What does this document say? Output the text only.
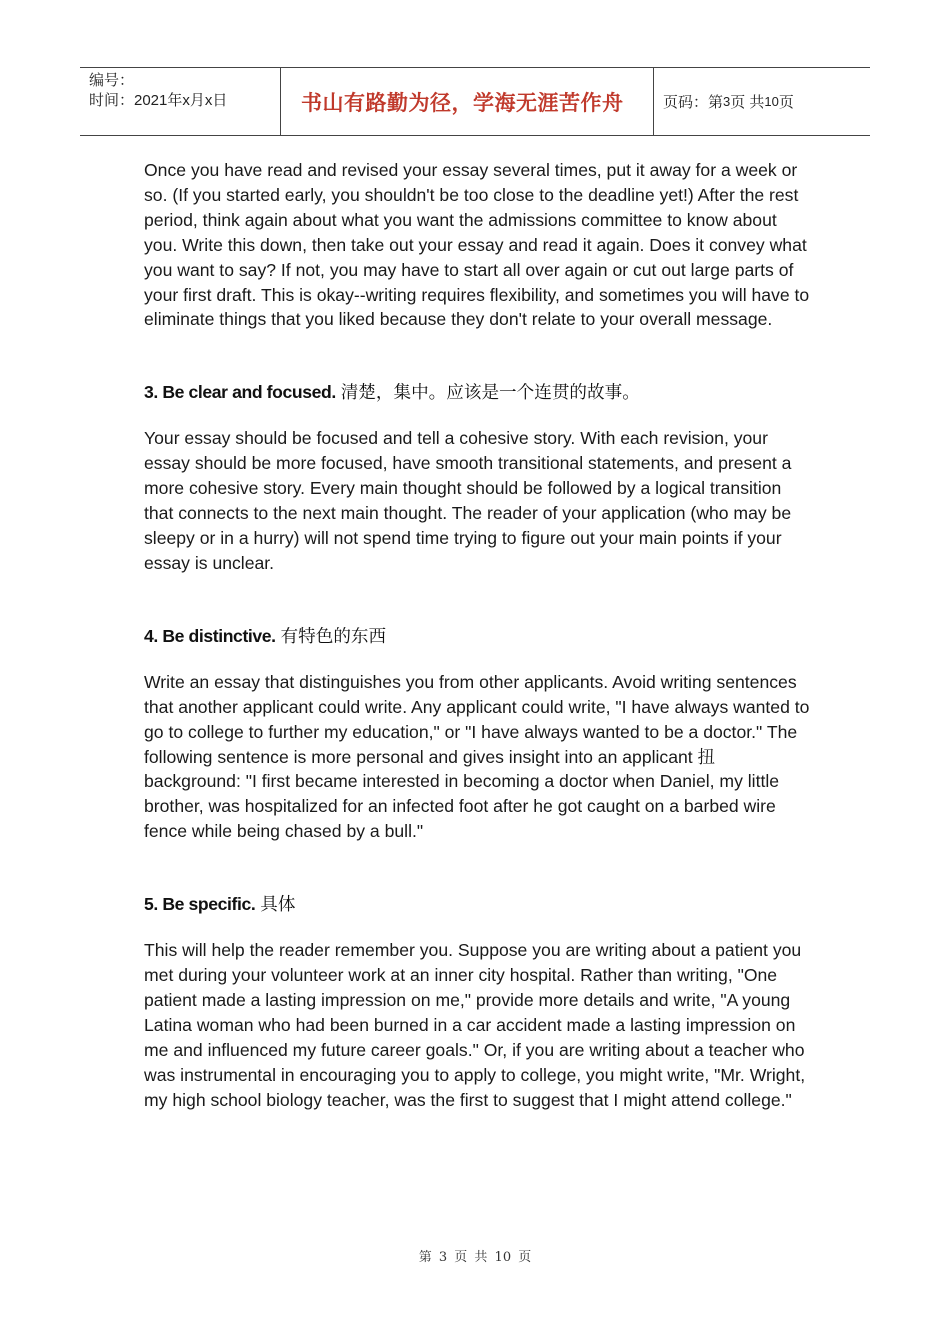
编号：
时间：2021年x月x日	书山有路勤为径，学海无涯苦作舟	页码：第 3 页 共 10 页

Once you have read and revised your essay several times, put it away for a week or so. (If you started early, you shouldn't be too close to the deadline yet!) After the rest period, think again about what you want the admissions committee to know about you. Write this down, then take out your essay and read it again. Does it convey what you want to say? If not, you may have to start all over again or cut out large parts of your first draft. This is okay--writing requires flexibility, and sometimes you will have to eliminate things that you liked because they don't relate to your overall message.

3. Be clear and focused. 清楚，集中。应该是一个连贯的故事。

Your essay should be focused and tell a cohesive story. With each revision, your essay should be more focused, have smooth transitional statements, and present a more cohesive story. Every main thought should be followed by a logical transition that connects to the next main thought. The reader of your application (who may be sleepy or in a hurry) will not spend time trying to figure out your main points if your essay is unclear.

4. Be distinctive. 有特色的东西

Write an essay that distinguishes you from other applicants. Avoid writing sentences that another applicant could write. Any applicant could write, "I have always wanted to go to college to further my education," or "I have always wanted to be a doctor." The following sentence is more personal and gives insight into an applicant 扭 background: "I first became interested in becoming a doctor when Daniel, my little brother, was hospitalized for an infected foot after he got caught on a barbed wire fence while being chased by a bull."

5. Be specific. 具体

This will help the reader remember you. Suppose you are writing about a patient you met during your volunteer work at an inner city hospital. Rather than writing, "One patient made a lasting impression on me," provide more details and write, "A young Latina woman who had been burned in a car accident made a lasting impression on me and influenced my future career goals." Or, if you are writing about a teacher who was instrumental in encouraging you to apply to college, you might write, "Mr. Wright, my high school biology teacher, was the first to suggest that I might attend college."

第 3 页 共 10 页
